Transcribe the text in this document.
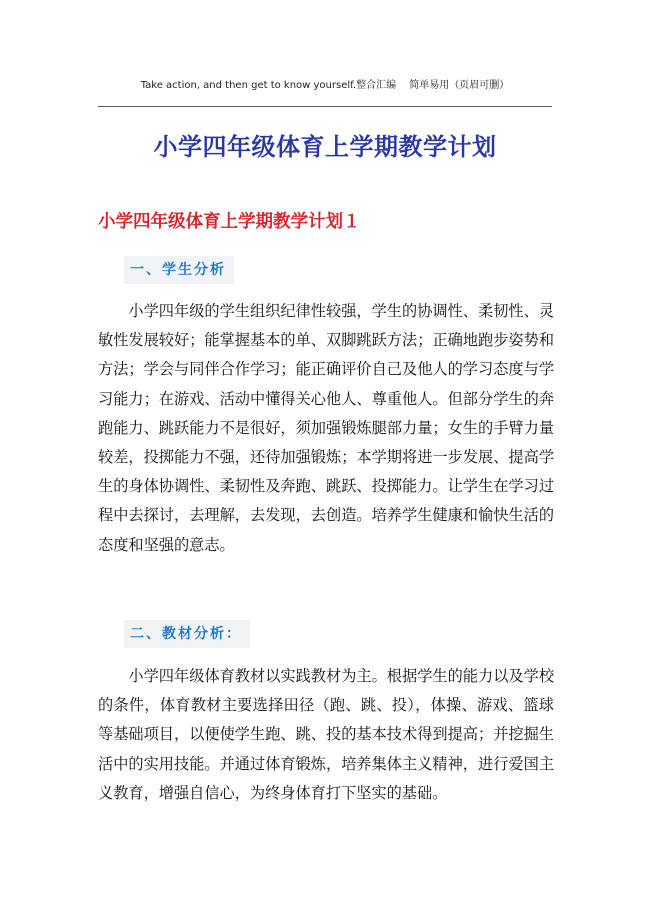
Take action, and then get to know yourself.整合汇编　 简单易用（页眉可删）
小学四年级体育上学期教学计划
小学四年级体育上学期教学计划１
一、学生分析
小学四年级的学生组织纪律性较强，学生的协调性、柔韧性、灵敏性发展较好；能掌握基本的单、双脚跳跃方法；正确地跑步姿势和方法；学会与同伴合作学习；能正确评价自己及他人的学习态度与学习能力；在游戏、活动中懂得关心他人、尊重他人。但部分学生的奔跑能力、跳跃能力不是很好，须加强锻炼腿部力量；女生的手臂力量较差，投掷能力不强，还待加强锻炼；本学期将进一步发展、提高学生的身体协调性、柔韧性及奔跑、跳跃、投掷能力。让学生在学习过程中去探讨，去理解，去发现，去创造。培养学生健康和愉快生活的态度和坚强的意志。
二、教材分析：
小学四年级体育教材以实践教材为主。根据学生的能力以及学校的条件，体育教材主要选择田径（跑、跳、投），体操、游戏、篮球等基础项目，以便使学生跑、跳、投的基本技术得到提高；并挖掘生活中的实用技能。并通过体育锻炼，培养集体主义精神，进行爱国主义教育，增强自信心，为终身体育打下坚实的基础。
